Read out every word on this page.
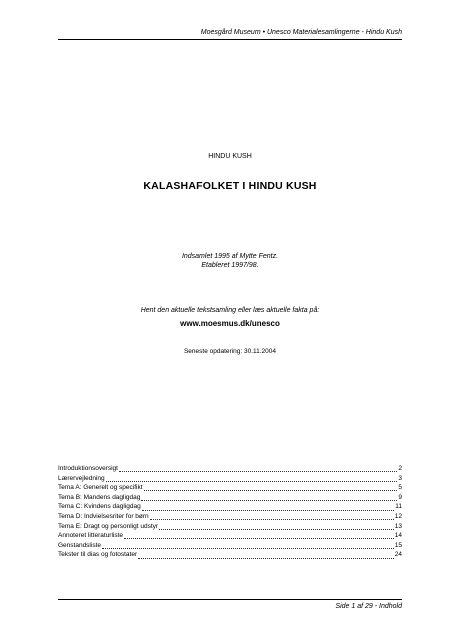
Moesgård Museum • Unesco Materialesamlingerne - Hindu Kush
HINDU KUSH
KALASHAFOLKET I HINDU KUSH
Indsamlet 1995 af Mytte Fentz.
Etableret 1997/98.
Hent den aktuelle tekstsamling eller læs aktuelle fakta på:
www.moesmus.dk/unesco
Seneste opdatering: 30.11.2004
Introduktionsoversigt	2
Lærervejledning	3
Tema A: Generelt og specifikt	5
Tema B: Mandens dagligdag	9
Tema C: Kvindens dagligdag	11
Tema D: Indvielsesriter for børn	12
Tema E: Dragt og personligt udstyr	13
Annoteret litteraturliste	14
Genstandsliste	15
Tekster til dias og fotostater	24
Side 1 af 29 - Indhold
